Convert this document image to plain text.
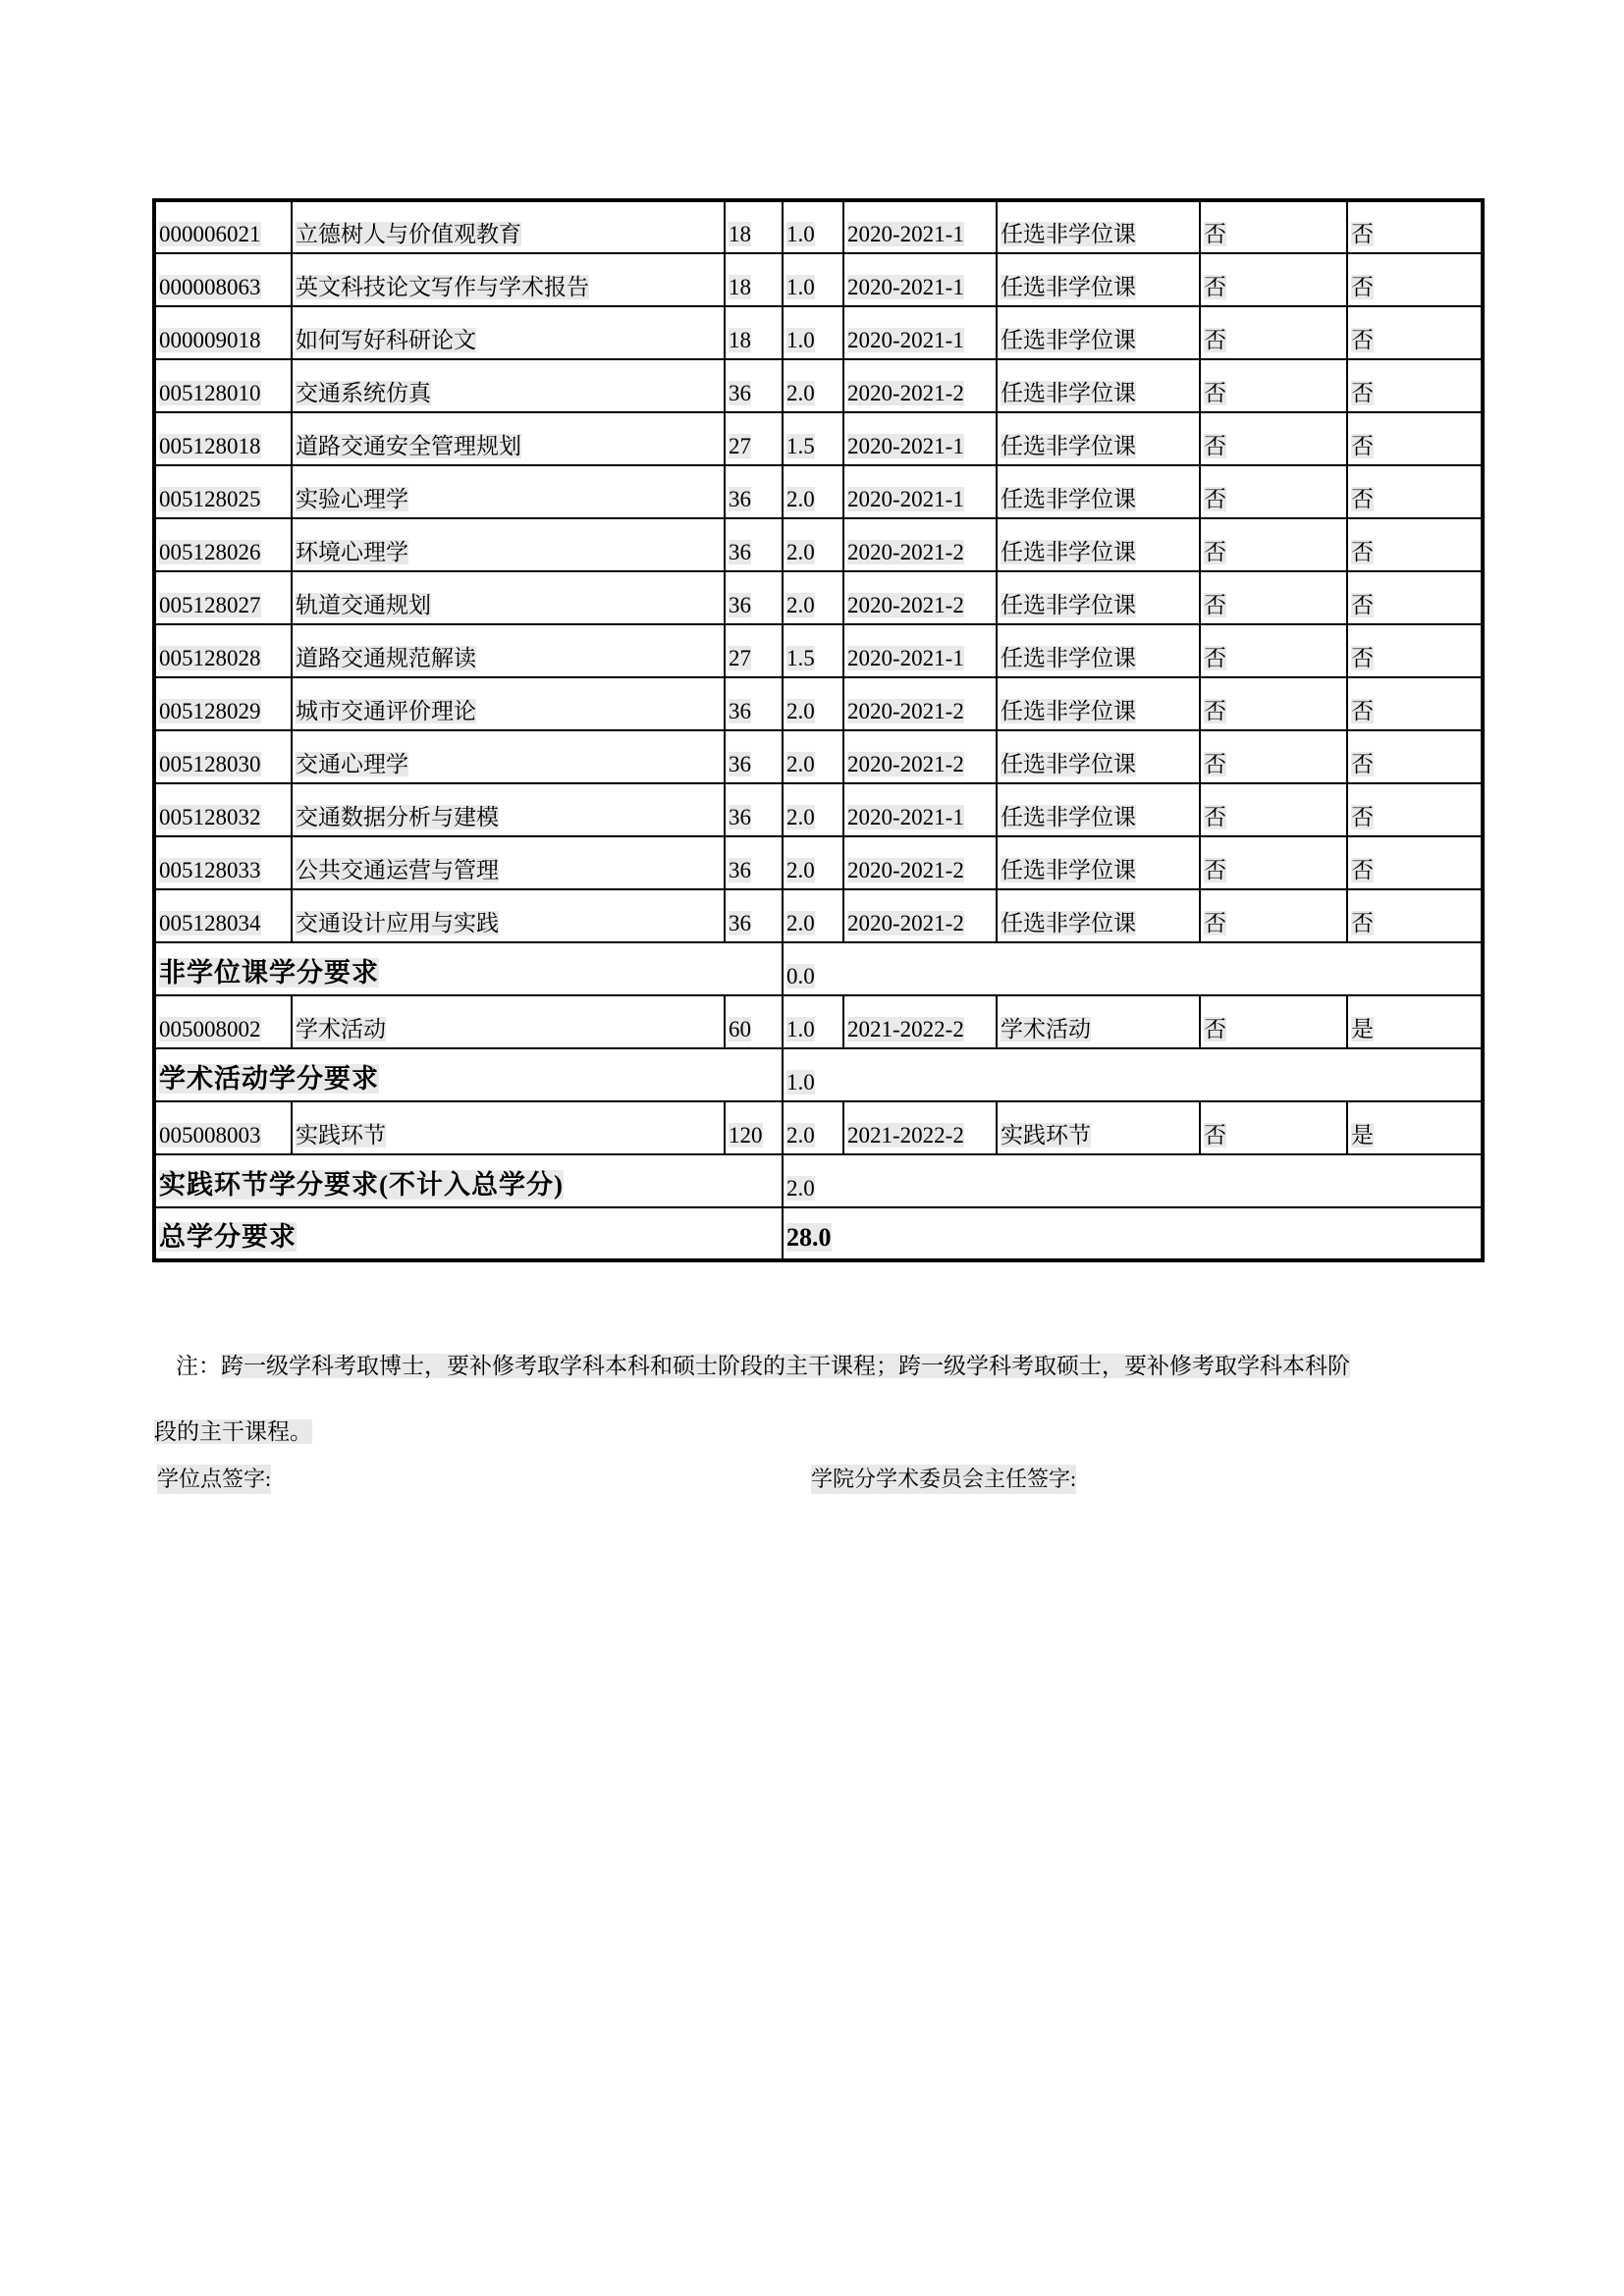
000006021	立德树人与价值观教育	18	1.0	2020-2021-1	任选非学位课	否	否
000008063	英文科技论文写作与学术报告	18	1.0	2020-2021-1	任选非学位课	否	否
000009018	如何写好科研论文	18	1.0	2020-2021-1	任选非学位课	否	否
005128010	交通系统仿真	36	2.0	2020-2021-2	任选非学位课	否	否
005128018	道路交通安全管理规划	27	1.5	2020-2021-1	任选非学位课	否	否
005128025	实验心理学	36	2.0	2020-2021-1	任选非学位课	否	否
005128026	环境心理学	36	2.0	2020-2021-2	任选非学位课	否	否
005128027	轨道交通规划	36	2.0	2020-2021-2	任选非学位课	否	否
005128028	道路交通规范解读	27	1.5	2020-2021-1	任选非学位课	否	否
005128029	城市交通评价理论	36	2.0	2020-2021-2	任选非学位课	否	否
005128030	交通心理学	36	2.0	2020-2021-2	任选非学位课	否	否
005128032	交通数据分析与建模	36	2.0	2020-2021-1	任选非学位课	否	否
005128033	公共交通运营与管理	36	2.0	2020-2021-2	任选非学位课	否	否
005128034	交通设计应用与实践	36	2.0	2020-2021-2	任选非学位课	否	否
非学位课学分要求			0.0				
005008002	学术活动	60	1.0	2021-2022-2	学术活动	否	是
学术活动学分要求			1.0				
005008003	实践环节	120	2.0	2021-2022-2	实践环节	否	是
实践环节学分要求(不计入总学分)			2.0				
总学分要求			28.0				

注：跨一级学科考取博士，要补修考取学科本科和硕士阶段的主干课程；跨一级学科考取硕士，要补修考取学科本科阶
段的主干课程。

学位点签字:	学院分学术委员会主任签字:
